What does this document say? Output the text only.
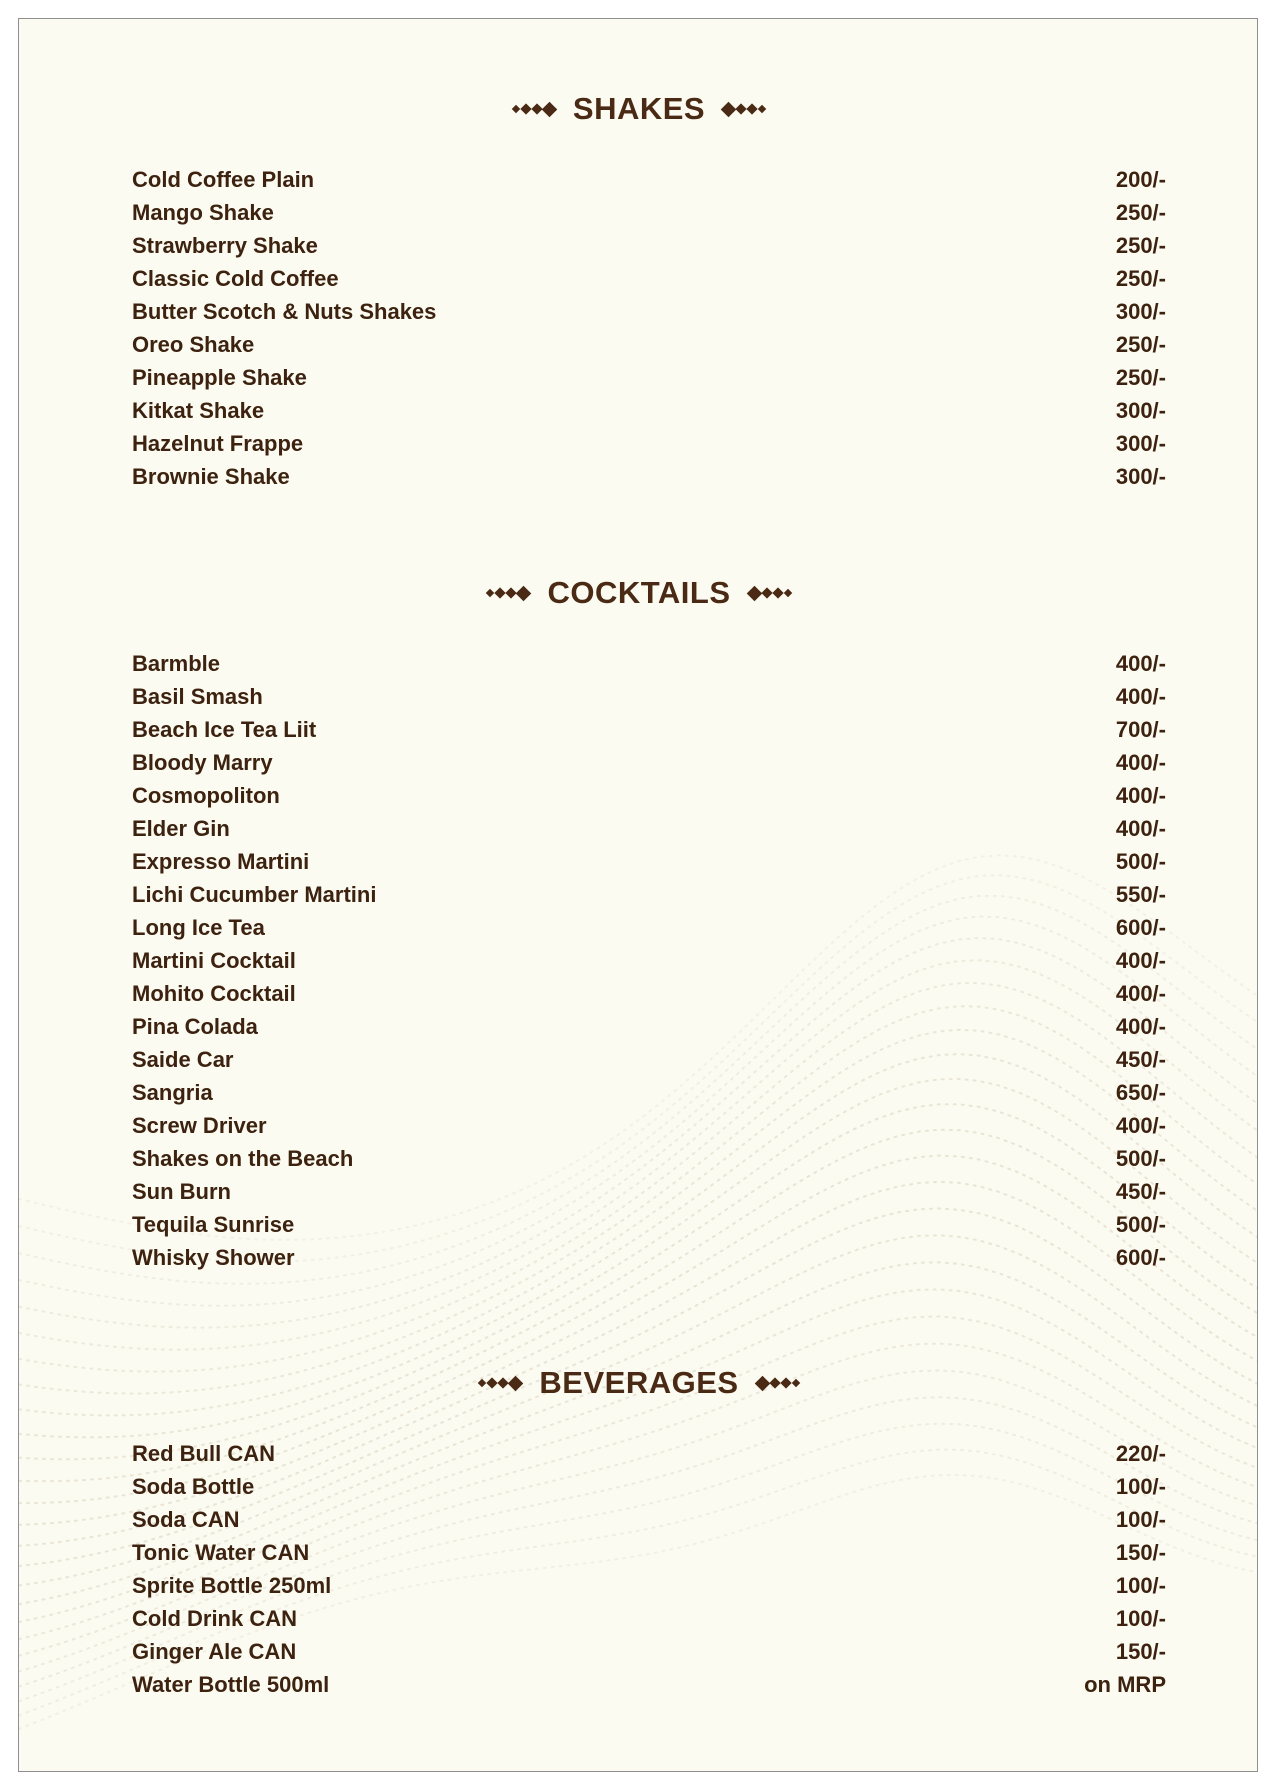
SHAKES
Cold Coffee Plain	200/-
Mango Shake	250/-
Strawberry Shake	250/-
Classic Cold Coffee	250/-
Butter Scotch & Nuts Shakes	300/-
Oreo Shake	250/-
Pineapple Shake	250/-
Kitkat Shake	300/-
Hazelnut Frappe	300/-
Brownie Shake	300/-
COCKTAILS
Barmble	400/-
Basil Smash	400/-
Beach Ice Tea Liit	700/-
Bloody Marry	400/-
Cosmopoliton	400/-
Elder Gin	400/-
Expresso Martini	500/-
Lichi Cucumber Martini	550/-
Long Ice Tea	600/-
Martini Cocktail	400/-
Mohito Cocktail	400/-
Pina Colada	400/-
Saide Car	450/-
Sangria	650/-
Screw Driver	400/-
Shakes on the Beach	500/-
Sun Burn	450/-
Tequila Sunrise	500/-
Whisky Shower	600/-
BEVERAGES
Red Bull CAN	220/-
Soda Bottle	100/-
Soda CAN	100/-
Tonic Water CAN	150/-
Sprite Bottle 250ml	100/-
Cold Drink CAN	100/-
Ginger Ale CAN	150/-
Water Bottle 500ml	on MRP
